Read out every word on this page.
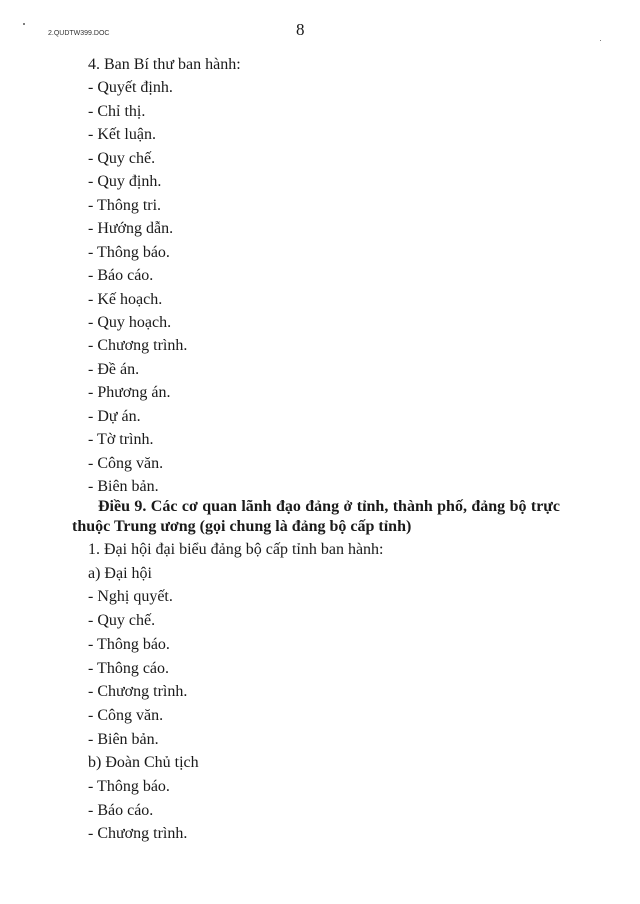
2.QUDTW399.DOC	8
4. Ban Bí thư ban hành:
- Quyết định.
- Chỉ thị.
- Kết luận.
- Quy chế.
- Quy định.
- Thông tri.
- Hướng dẫn.
- Thông báo.
- Báo cáo.
- Kế hoạch.
- Quy hoạch.
- Chương trình.
- Đề án.
- Phương án.
- Dự án.
- Tờ trình.
- Công văn.
- Biên bản.
Điều 9. Các cơ quan lãnh đạo đảng ở tỉnh, thành phố, đảng bộ trực thuộc Trung ương (gọi chung là đảng bộ cấp tỉnh)
1. Đại hội đại biểu đảng bộ cấp tỉnh ban hành:
a) Đại hội
- Nghị quyết.
- Quy chế.
- Thông báo.
- Thông cáo.
- Chương trình.
- Công văn.
- Biên bản.
b) Đoàn Chủ tịch
- Thông báo.
- Báo cáo.
- Chương trình.
